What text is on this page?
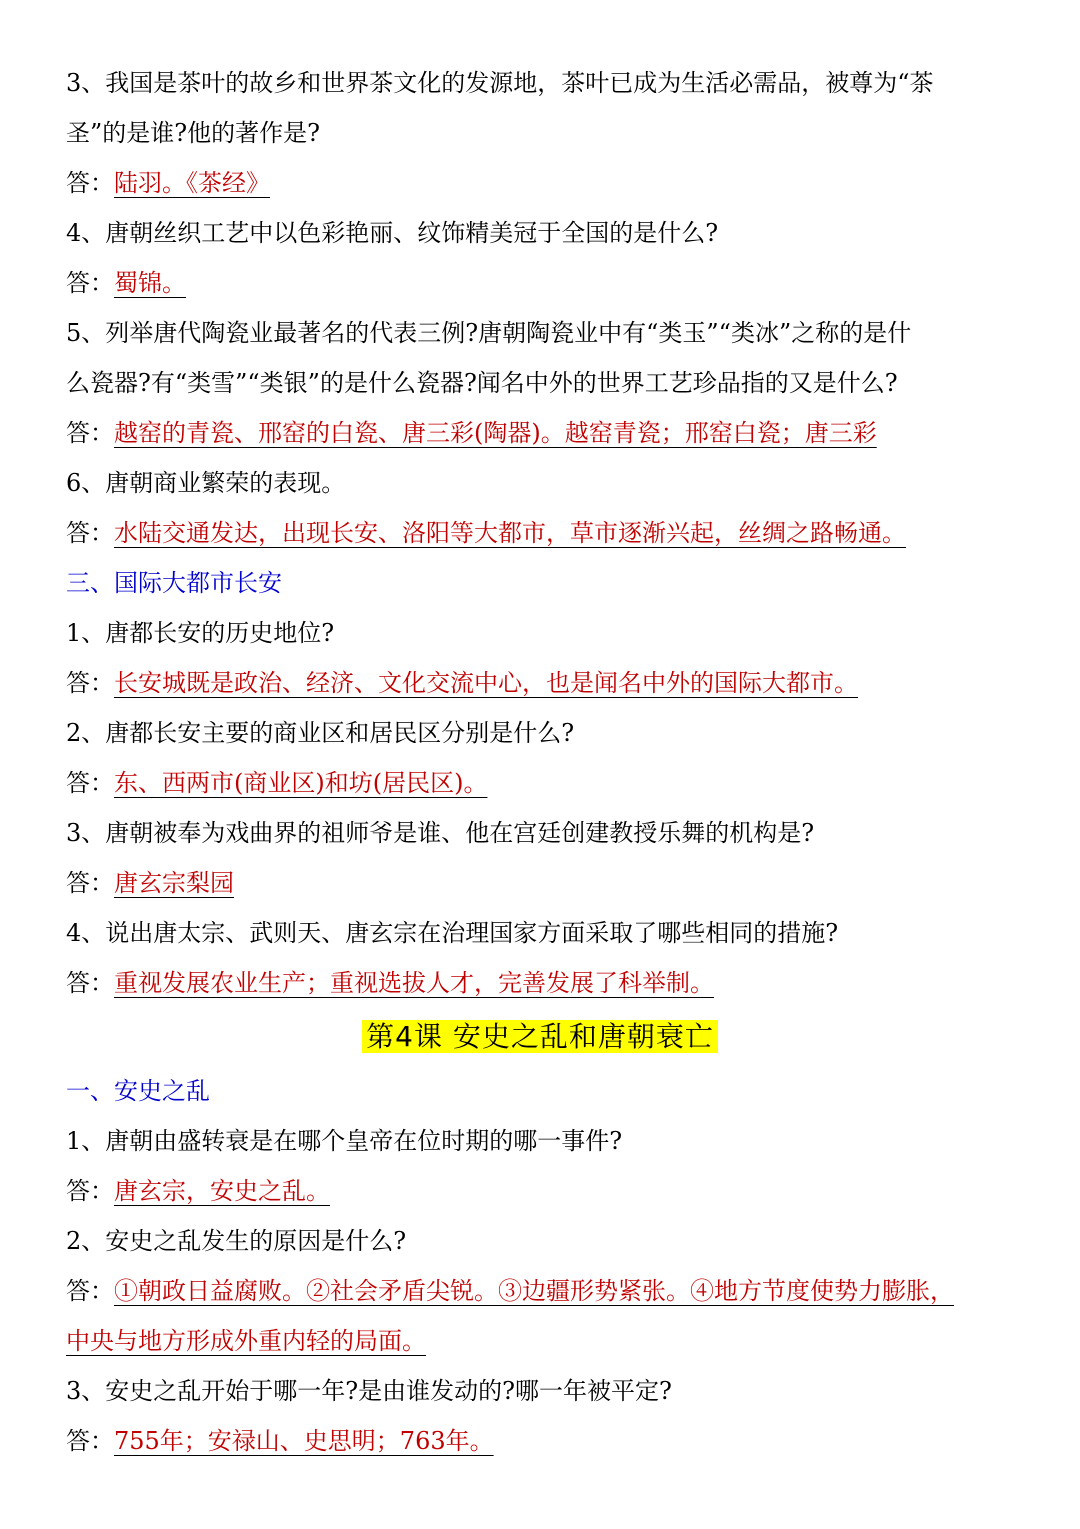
3、我国是茶叶的故乡和世界茶文化的发源地，茶叶已成为生活必需品，被尊为“茶
圣”的是谁?他的著作是?
答：陆羽。《茶经》
4、唐朝丝织工艺中以色彩艳丽、纹饰精美冠于全国的是什么?
答：蜀锦。
5、列举唐代陶瓷业最著名的代表三例?唐朝陶瓷业中有“类玉”“类冰”之称的是什
么瓷器?有“类雪”“类银”的是什么瓷器?闻名中外的世界工艺珍品指的又是什么?
答：越窑的青瓷、邢窑的白瓷、唐三彩(陶器)。越窑青瓷；邢窑白瓷；唐三彩
6、唐朝商业繁荣的表现。
答：水陆交通发达，出现长安、洛阳等大都市，草市逐渐兴起，丝绸之路畅通。
三、国际大都市长安
1、唐都长安的历史地位?
答：长安城既是政治、经济、文化交流中心，也是闻名中外的国际大都市。
2、唐都长安主要的商业区和居民区分别是什么?
答：东、西两市(商业区)和坊(居民区)。
3、唐朝被奉为戏曲界的祖师爷是谁、他在宫廷创建教授乐舞的机构是?
答：唐玄宗梨园
4、说出唐太宗、武则天、唐玄宗在治理国家方面采取了哪些相同的措施?
答：重视发展农业生产；重视选拔人才，完善发展了科举制。
第4课 安史之乱和唐朝衰亡
一、安史之乱
1、唐朝由盛转衰是在哪个皇帝在位时期的哪一事件?
答：唐玄宗，安史之乱。
2、安史之乱发生的原因是什么?
答：①朝政日益腐败。②社会矛盾尖锐。③边疆形势紧张。④地方节度使势力膨胀，
中央与地方形成外重内轻的局面。
3、安史之乱开始于哪一年?是由谁发动的?哪一年被平定?
答：755年；安禄山、史思明；763年。
